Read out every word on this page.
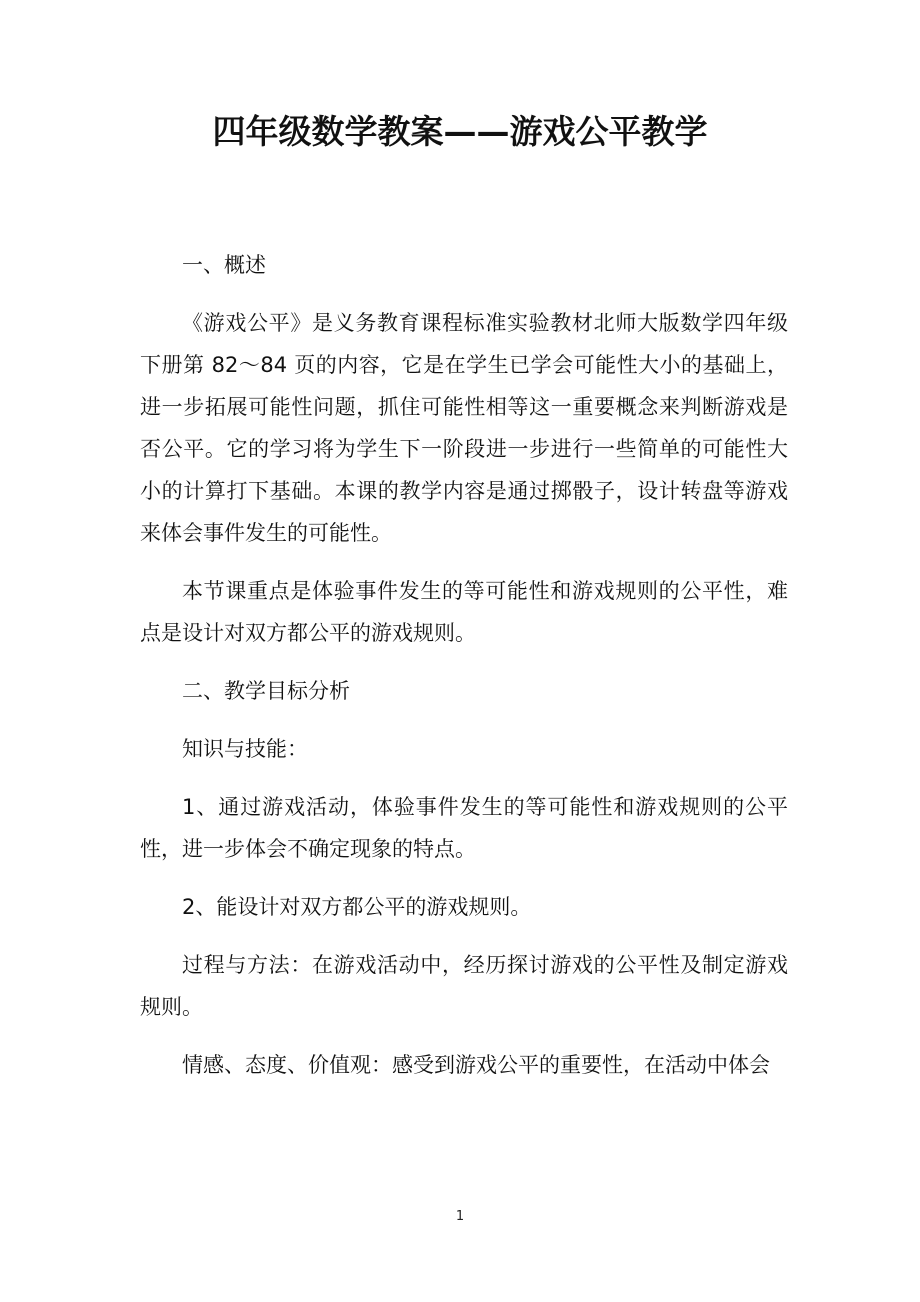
四年级数学教案——游戏公平教学

一、概述

《游戏公平》是义务教育课程标准实验教材北师大版数学四年级下册第 82～84 页的内容，它是在学生已学会可能性大小的基础上，进一步拓展可能性问题，抓住可能性相等这一重要概念来判断游戏是否公平。它的学习将为学生下一阶段进一步进行一些简单的可能性大小的计算打下基础。本课的教学内容是通过掷骰子，设计转盘等游戏来体会事件发生的可能性。

本节课重点是体验事件发生的等可能性和游戏规则的公平性，难点是设计对双方都公平的游戏规则。

二、教学目标分析

知识与技能：

1、通过游戏活动，体验事件发生的等可能性和游戏规则的公平性，进一步体会不确定现象的特点。

2、能设计对双方都公平的游戏规则。

过程与方法：在游戏活动中，经历探讨游戏的公平性及制定游戏规则。

情感、态度、价值观：感受到游戏公平的重要性，在活动中体会

1
